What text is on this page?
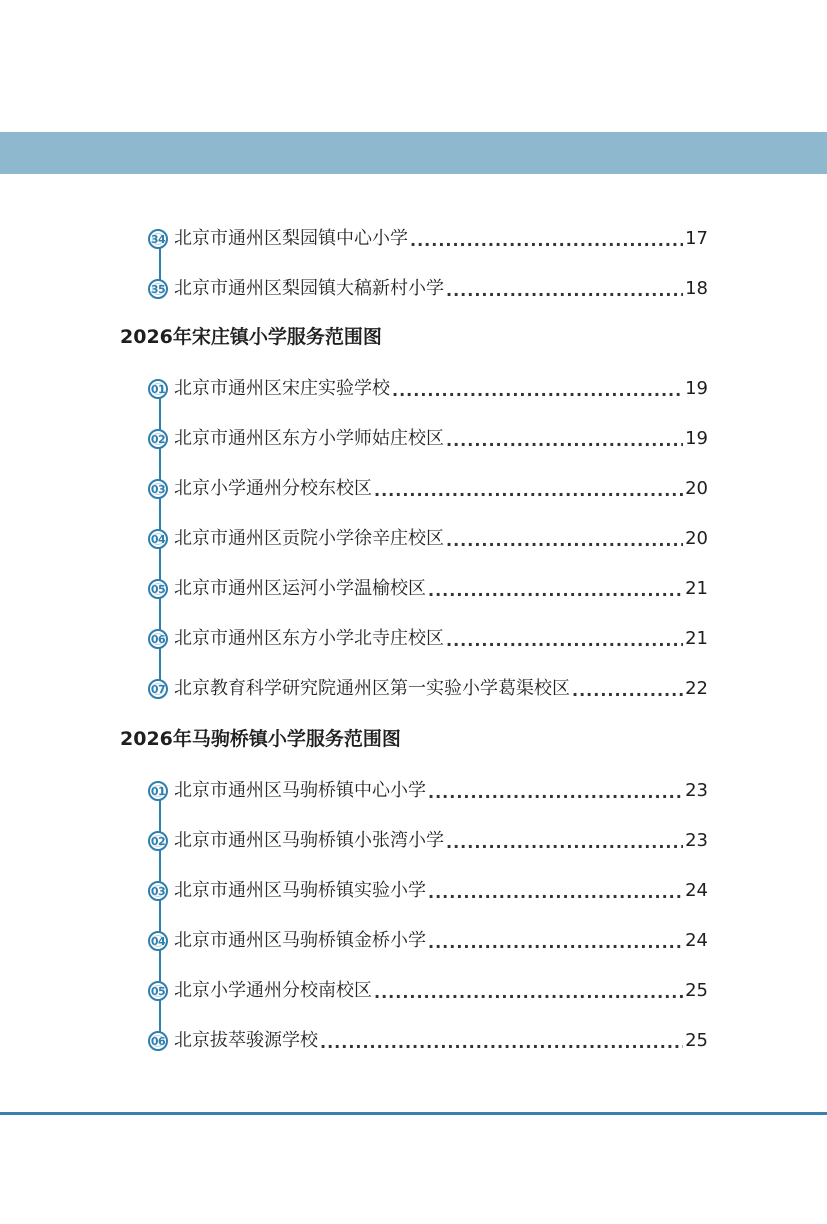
34 北京市通州区梨园镇中心小学 .....	17
35 北京市通州区梨园镇大稿新村小学 .....	18
2026年宋庄镇小学服务范围图
01 北京市通州区宋庄实验学校 .....	19
02 北京市通州区东方小学师姑庄校区 .....	19
03 北京小学通州分校东校区 .....	20
04 北京市通州区贡院小学徐辛庄校区 .....	20
05 北京市通州区运河小学温榆校区 .....	21
06 北京市通州区东方小学北寺庄校区 .....	21
07 北京教育科学研究院通州区第一实验小学葛渠校区 .....	22
2026年马驹桥镇小学服务范围图
01 北京市通州区马驹桥镇中心小学 .....	23
02 北京市通州区马驹桥镇小张湾小学 .....	23
03 北京市通州区马驹桥镇实验小学 .....	24
04 北京市通州区马驹桥镇金桥小学 .....	24
05 北京小学通州分校南校区 .....	25
06 北京拔萃骏源学校 .....	25
